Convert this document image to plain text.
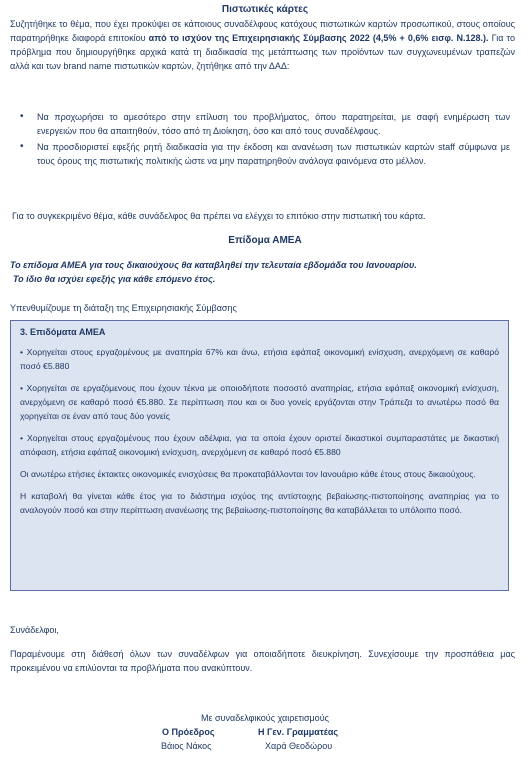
Πιστωτικές κάρτες
Συζητήθηκε το θέμα, που έχει προκύψει σε κάποιους συναδέλφους κατόχους πιστωτικών καρτών προσωπικού, στους οποίους παρατηρήθηκε διαφορά επιτοκίου από το ισχύον της Επιχειρησιακής Σύμβασης 2022 (4,5% + 0,6% εισφ. Ν.128.). Για το πρόβλημα που δημιουργήθηκε αρχικά κατά τη διαδικασία της μετάπτωσης των προϊόντων των συγχωνευμένων τραπεζών αλλά και των brand name πιστωτικών καρτών, ζητήθηκε από την ΔΑΔ:
• Να προχωρήσει το αμεσότερο στην επίλυση του προβλήματος, όπου παρατηρείται, με σαφή ενημέρωση των ενεργειών που θα απαιτηθούν, τόσο από τη Διοίκηση, όσο και από τους συναδέλφους.
• Να προσδιοριστεί εφεξής ρητή διαδικασία για την έκδοση και ανανέωση των πιστωτικών καρτών staff σύμφωνα με τους όρους της πιστωτικής πολιτικής ώστε να μην παρατηρηθούν ανάλογα φαινόμενα στο μέλλον.
Για το συγκεκριμένο θέμα, κάθε συνάδελφος θα πρέπει να ελέγχει το επιτόκιο στην πιστωτική του κάρτα.
Επίδομα ΑΜΕΑ
Το επίδομα ΑΜΕΑ για τους δικαιούχους θα καταβληθεί την τελευταία εβδομάδα του Ιανουαρίου.
Το ίδιο θα ισχύει εφεξής για κάθε επόμενο έτος.
Υπενθυμίζουμε τη διάταξη της Επιχειρησιακής Σύμβασης
3. Επιδόματα ΑΜΕΑ

• Χορηγείται στους εργαζομένους με αναπηρία 67% και άνω, ετήσια εφάπαξ οικονομική ενίσχυση, ανερχόμενη σε καθαρό ποσό €5.880

• Χορηγείται σε εργαζόμενους που έχουν τέκνα με οποιοδήποτε ποσοστό αναπηρίας, ετήσια εφάπαξ οικονομική ενίσχυση, ανερχόμενη σε καθαρό ποσό €5.880. Σε περίπτωση που και οι δυο γονείς εργάζονται στην Τράπεζα το ανωτέρω ποσό θα χορηγείται σε έναν από τους δύο γονείς

• Χορηγείται στους εργαζομένους που έχουν αδέλφια, για τα οποία έχουν οριστεί δικαστικοί συμπαραστάτες με δικαστική απόφαση, ετήσια εφάπαξ οικονομική ενίσχυση, ανερχόμενη σε καθαρό ποσό €5.880

Οι ανωτέρω ετήσιες έκτακτες οικονομικές ενισχύσεις θα προκαταβάλλονται τον Ιανουάριο κάθε έτους στους δικαιούχους.

Η καταβολή θα γίνεται κάθε έτος για το διάστημα ισχύος της αντίστοιχης βεβαίωσης-πιστοποίησης αναπηρίας για το αναλογούν ποσό και στην περίπτωση ανανέωσης της βεβαίωσης-πιστοποίησης θα καταβάλλεται το υπόλοιπο ποσό.

Συνάδελφοι,
Παραμένουμε στη διάθεσή όλων των συναδέλφων για οποιαδήποτε διευκρίνηση. Συνεχίσουμε την προσπάθεια μας προκειμένου να επιλύονται τα προβλήματα που ανακύπτουν.
Με συναδελφικούς χαιρετισμούς
Ο Πρόεδρος	Η Γεν. Γραμματέας
Βάιος Νάκος	Χαρά Θεοδώρου
